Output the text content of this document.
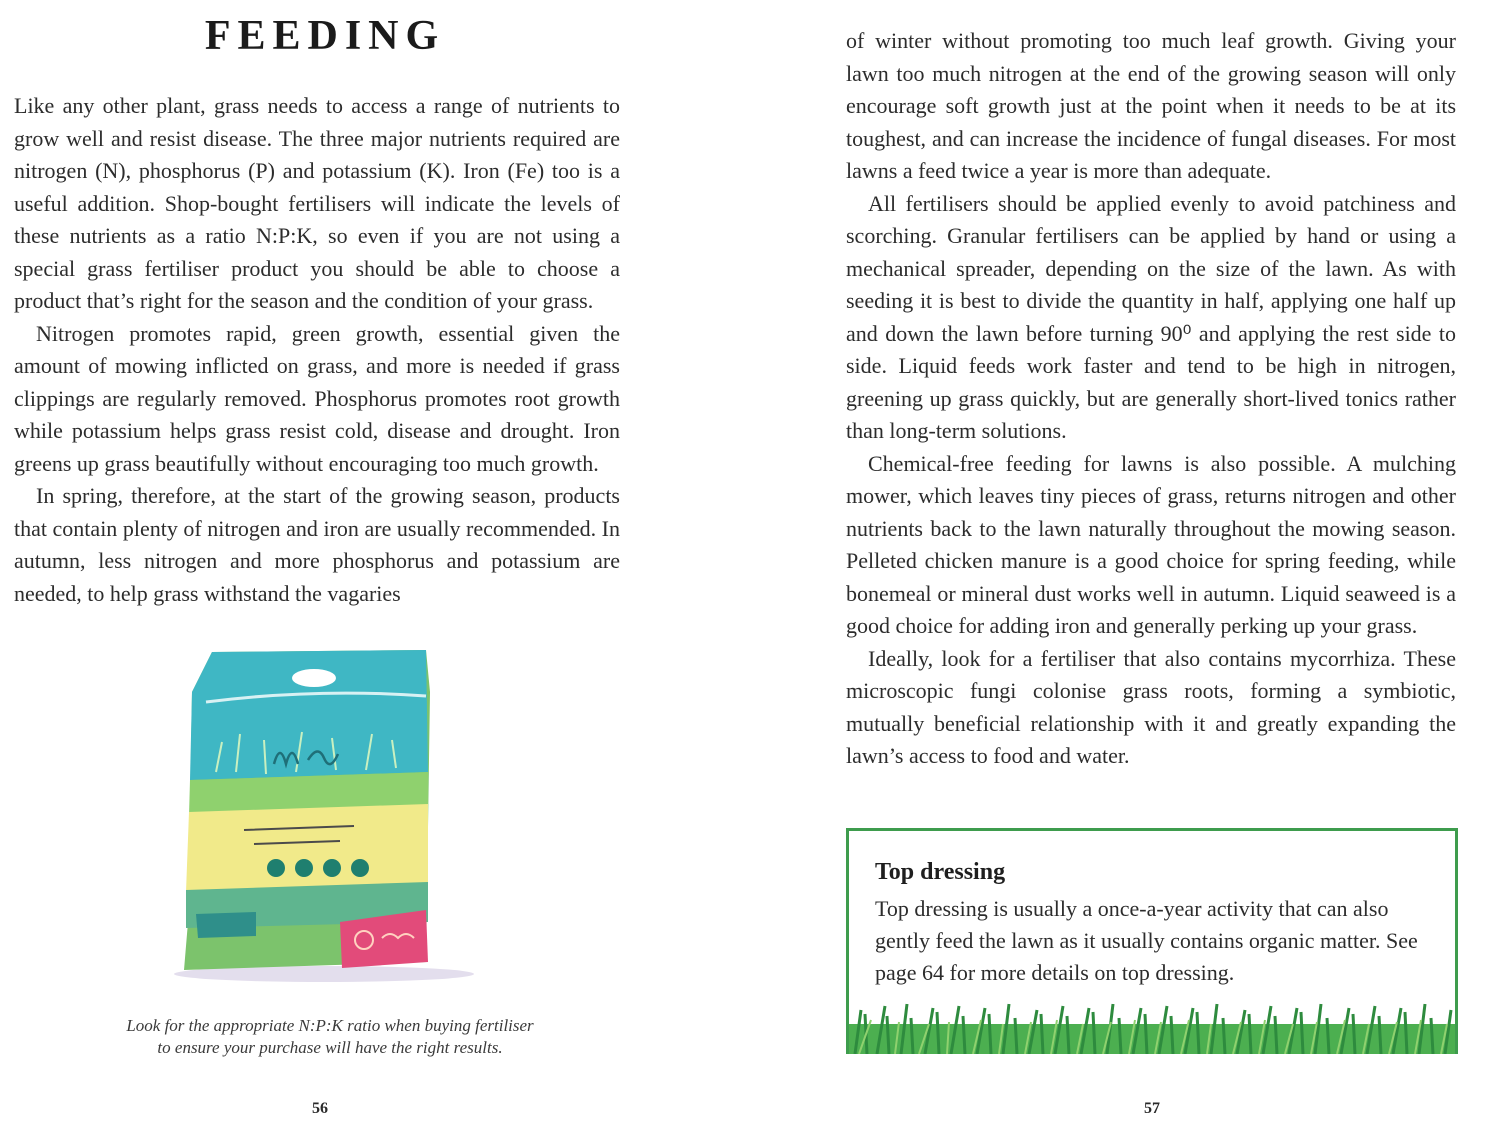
FEEDING

Like any other plant, grass needs to access a range of nutrients to grow well and resist disease. The three major nutrients required are nitrogen (N), phosphorus (P) and potassium (K). Iron (Fe) too is a useful addition. Shop-bought fertilisers will indicate the levels of these nutrients as a ratio N:P:K, so even if you are not using a special grass fertiliser product you should be able to choose a product that’s right for the season and the condition of your grass.

Nitrogen promotes rapid, green growth, essential given the amount of mowing inflicted on grass, and more is needed if grass clippings are regularly removed. Phosphorus promotes root growth while potassium helps grass resist cold, disease and drought. Iron greens up grass beautifully without encouraging too much growth.

In spring, therefore, at the start of the growing season, products that contain plenty of nitrogen and iron are usually recommended. In autumn, less nitrogen and more phosphorus and potassium are needed, to help grass withstand the vagaries

Look for the appropriate N:P:K ratio when buying fertiliser
to ensure your purchase will have the right results.
56

of winter without promoting too much leaf growth. Giving your lawn too much nitrogen at the end of the growing season will only encourage soft growth just at the point when it needs to be at its toughest, and can increase the incidence of fungal diseases. For most lawns a feed twice a year is more than adequate.

All fertilisers should be applied evenly to avoid patchiness and scorching. Granular fertilisers can be applied by hand or using a mechanical spreader, depending on the size of the lawn. As with seeding it is best to divide the quantity in half, applying one half up and down the lawn before turning 90⁰ and applying the rest side to side. Liquid feeds work faster and tend to be high in nitrogen, greening up grass quickly, but are generally short-lived tonics rather than long-term solutions.

Chemical-free feeding for lawns is also possible. A mulching mower, which leaves tiny pieces of grass, returns nitrogen and other nutrients back to the lawn naturally throughout the mowing season. Pelleted chicken manure is a good choice for spring feeding, while bonemeal or mineral dust works well in autumn. Liquid seaweed is a good choice for adding iron and generally perking up your grass.

Ideally, look for a fertiliser that also contains mycorrhiza. These microscopic fungi colonise grass roots, forming a symbiotic, mutually beneficial relationship with it and greatly expanding the lawn’s access to food and water.

Top dressing

Top dressing is usually a once-a-year activity that can also gently feed the lawn as it usually contains organic matter. See page 64 for more details on top dressing.

57
